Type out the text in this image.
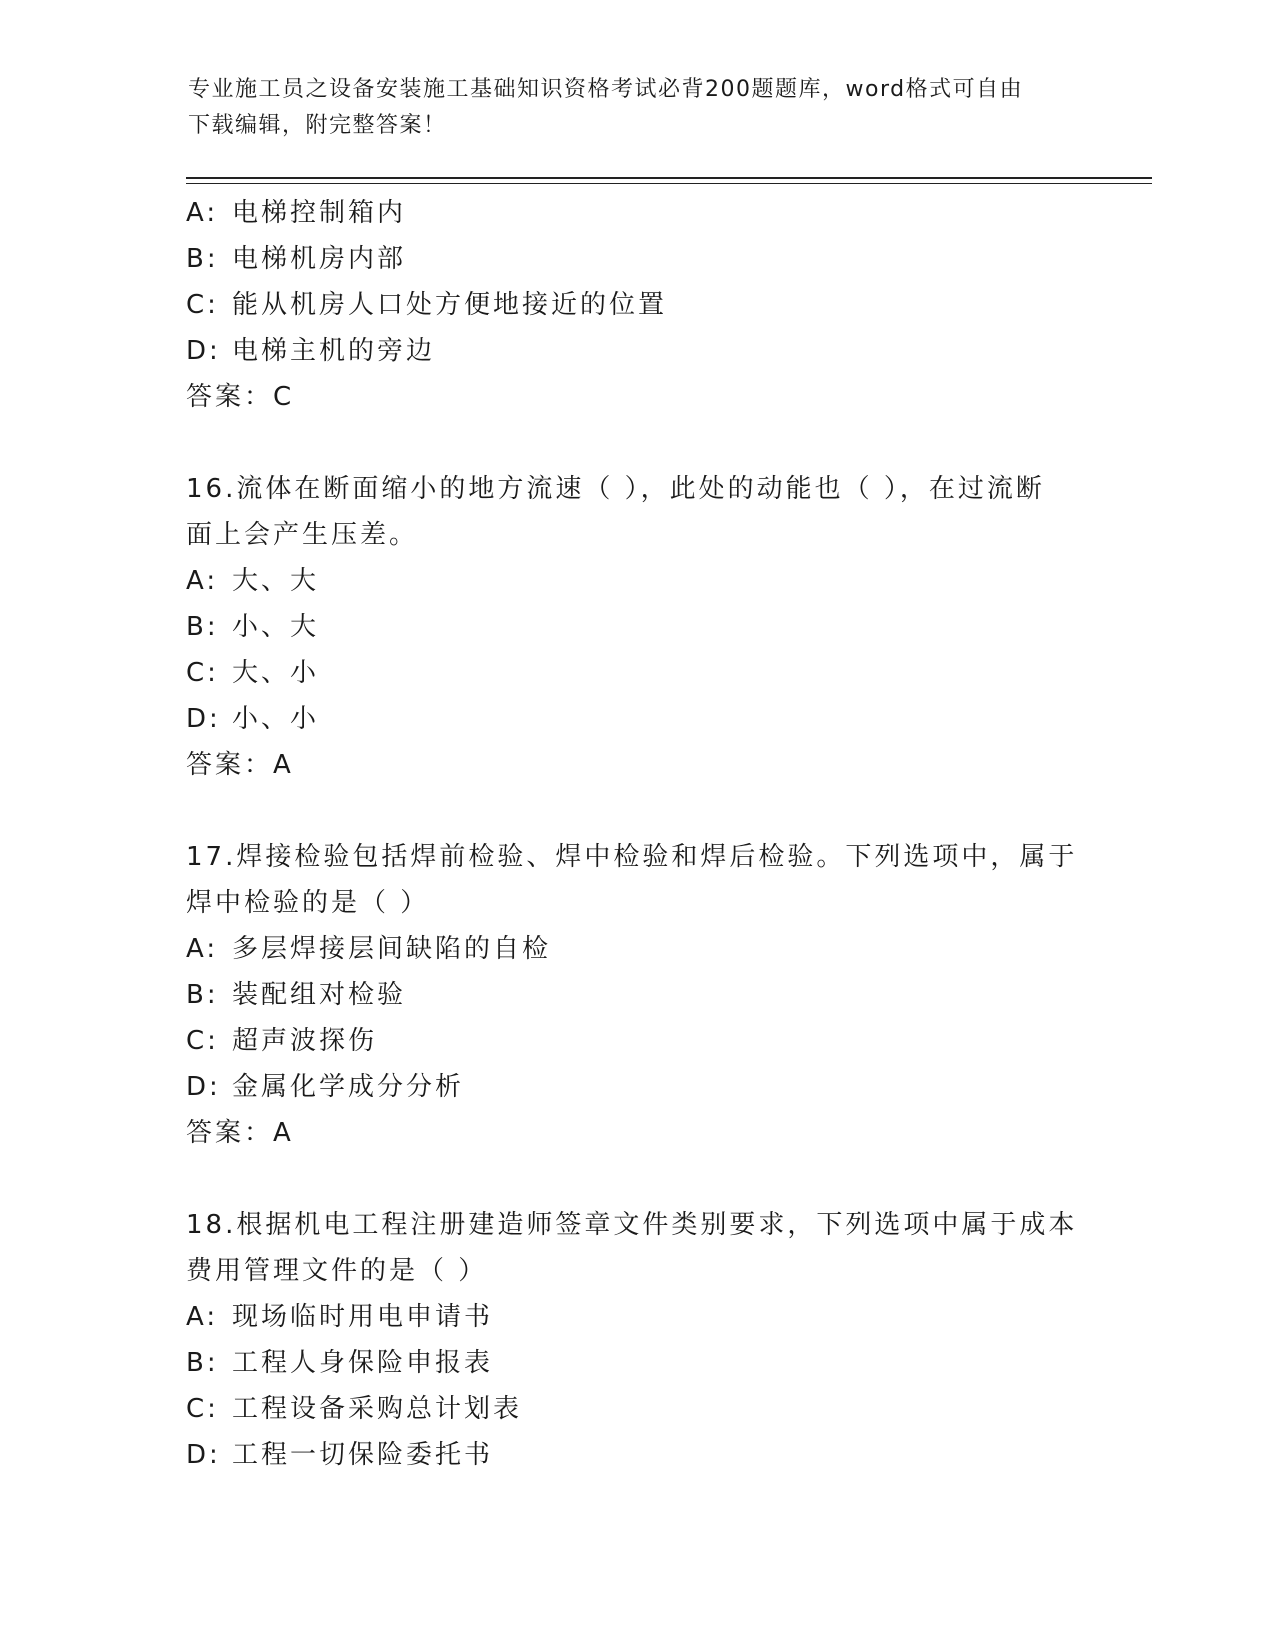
专业施工员之设备安装施工基础知识资格考试必背200题题库，word格式可自由
下载编辑，附完整答案！
A: 电梯控制箱内
B: 电梯机房内部
C: 能从机房人口处方便地接近的位置
D: 电梯主机的旁边
答案：C
16.流体在断面缩小的地方流速（ ），此处的动能也（ ），在过流断
面上会产生压差。
A: 大、大
B: 小、大
C: 大、小
D: 小、小
答案：A
17.焊接检验包括焊前检验、焊中检验和焊后检验。下列选项中，属于
焊中检验的是（ ）
A: 多层焊接层间缺陷的自检
B: 装配组对检验
C: 超声波探伤
D: 金属化学成分分析
答案：A
18.根据机电工程注册建造师签章文件类别要求，下列选项中属于成本
费用管理文件的是（ ）
A: 现场临时用电申请书
B: 工程人身保险申报表
C: 工程设备采购总计划表
D: 工程一切保险委托书
